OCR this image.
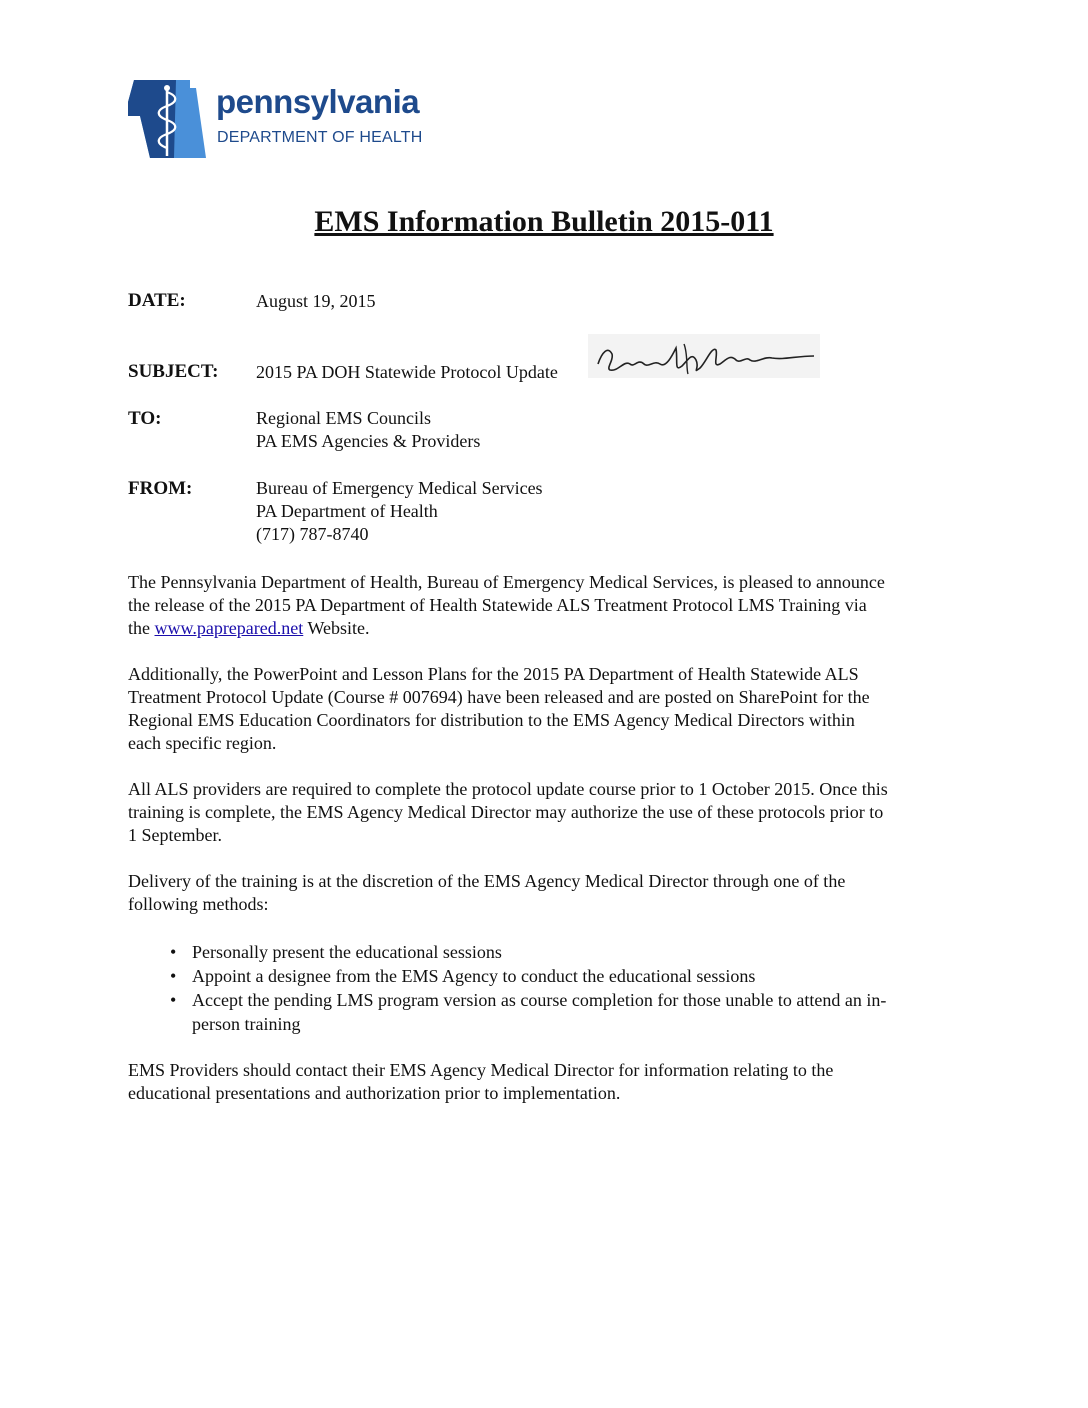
pennsylvania
DEPARTMENT OF HEALTH
EMS Information Bulletin 2015-011
DATE:	August 19, 2015
SUBJECT: 2015 PA DOH Statewide Protocol Update
TO:	Regional EMS Councils
PA EMS Agencies & Providers
FROM:	Bureau of Emergency Medical Services
PA Department of Health
(717) 787-8740
The Pennsylvania Department of Health, Bureau of Emergency Medical Services, is pleased to announce
the release of the 2015 PA Department of Health Statewide ALS Treatment Protocol LMS Training via
the www.paprepared.net Website.
Additionally, the PowerPoint and Lesson Plans for the 2015 PA Department of Health Statewide ALS
Treatment Protocol Update (Course # 007694) have been released and are posted on SharePoint for the
Regional EMS Education Coordinators for distribution to the EMS Agency Medical Directors within
each specific region.
All ALS providers are required to complete the protocol update course prior to 1 October 2015. Once this
training is complete, the EMS Agency Medical Director may authorize the use of these protocols prior to
1 September.
Delivery of the training is at the discretion of the EMS Agency Medical Director through one of the
following methods:
• Personally present the educational sessions
• Appoint a designee from the EMS Agency to conduct the educational sessions
• Accept the pending LMS program version as course completion for those unable to attend an in-
person training
EMS Providers should contact their EMS Agency Medical Director for information relating to the
educational presentations and authorization prior to implementation.
